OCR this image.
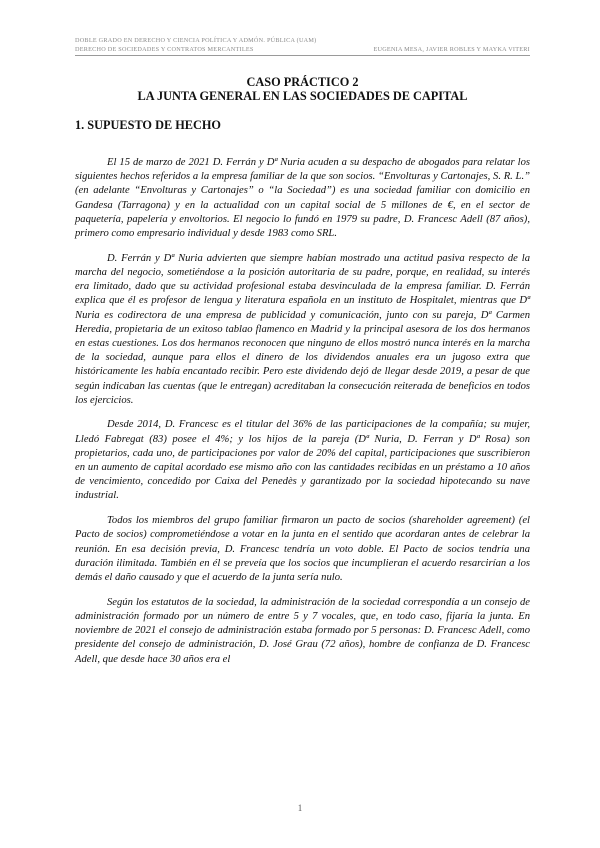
DOBLE GRADO EN DERECHO Y CIENCIA POLÍTICA Y ADMÓN. PÚBLICA (UAM)
DERECHO DE SOCIEDADES Y CONTRATOS MERCANTILES	EUGENIA MESA, JAVIER ROBLES Y MAYKA VITERI
CASO PRÁCTICO 2
LA JUNTA GENERAL EN LAS SOCIEDADES DE CAPITAL
1. SUPUESTO DE HECHO

El 15 de marzo de 2021 D. Ferrán y Dª Nuria acuden a su despacho de abogados para relatar los siguientes hechos referidos a la empresa familiar de la que son socios. “Envolturas y Cartonajes, S. R. L.” (en adelante “Envolturas y Cartonajes” o “la Sociedad”) es una sociedad familiar con domicilio en Gandesa (Tarragona) y en la actualidad con un capital social de 5 millones de €, en el sector de paquetería, papelería y envoltorios. El negocio lo fundó en 1979 su padre, D. Francesc Adell (87 años), primero como empresario individual y desde 1983 como SRL.

D. Ferrán y Dª Nuria advierten que siempre habían mostrado una actitud pasiva respecto de la marcha del negocio, sometiéndose a la posición autoritaria de su padre, porque, en realidad, su interés era limitado, dado que su actividad profesional estaba desvinculada de la empresa familiar. D. Ferrán explica que él es profesor de lengua y literatura española en un instituto de Hospitalet, mientras que Dª Nuria es codirectora de una empresa de publicidad y comunicación, junto con su pareja, Dª Carmen Heredia, propietaria de un exitoso tablao flamenco en Madrid y la principal asesora de los dos hermanos en estas cuestiones. Los dos hermanos reconocen que ninguno de ellos mostró nunca interés en la marcha de la sociedad, aunque para ellos el dinero de los dividendos anuales era un jugoso extra que históricamente les había encantado recibir. Pero este dividendo dejó de llegar desde 2019, a pesar de que según indicaban las cuentas (que le entregan) acreditaban la consecución reiterada de beneficios en todos los ejercicios.

Desde 2014, D. Francesc es el titular del 36% de las participaciones de la compañía; su mujer, Lledó Fabregat (83) posee el 4%; y los hijos de la pareja (Dª Nuria, D. Ferran y Dª Rosa) son propietarios, cada uno, de participaciones por valor de 20% del capital, participaciones que suscribieron en un aumento de capital acordado ese mismo año con las cantidades recibidas en un préstamo a 10 años de vencimiento, concedido por Caixa del Penedès y garantizado por la sociedad hipotecando su nave industrial.

Todos los miembros del grupo familiar firmaron un pacto de socios (shareholder agreement) (el Pacto de socios) comprometiéndose a votar en la junta en el sentido que acordaran antes de celebrar la reunión. En esa decisión previa, D. Francesc tendría un voto doble. El Pacto de socios tendría una duración ilimitada. También en él se preveía que los socios que incumplieran el acuerdo resarcirían a los demás el daño causado y que el acuerdo de la junta sería nulo.

Según los estatutos de la sociedad, la administración de la sociedad correspondía a un consejo de administración formado por un número de entre 5 y 7 vocales, que, en todo caso, fijaría la junta. En noviembre de 2021 el consejo de administración estaba formado por 5 personas: D. Francesc Adell, como presidente del consejo de administración, D. José Grau (72 años), hombre de confianza de D. Francesc Adell, que desde hace 30 años era el

1
